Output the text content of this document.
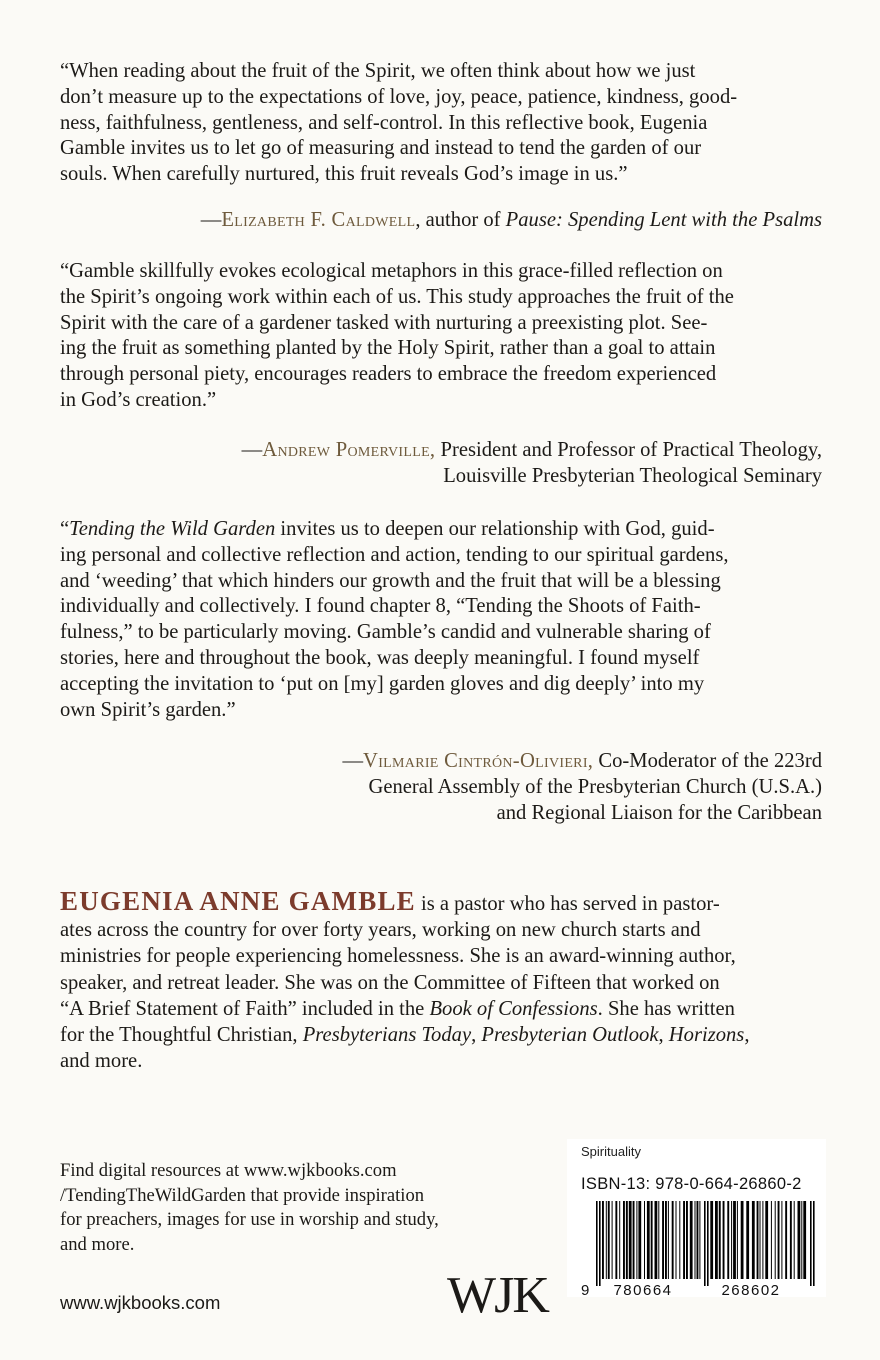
“When reading about the fruit of the Spirit, we often think about how we just

don’t measure up to the expectations of love, joy, peace, patience, kindness, good-

ness, faithfulness, gentleness, and self-control. In this reflective book, Eugenia

Gamble invites us to let go of measuring and instead to tend the garden of our

souls. When carefully nurtured, this fruit reveals God’s image in us.”

—Elizabeth F. Caldwell, author of Pause: Spending Lent with the Psalms

“Gamble skillfully evokes ecological metaphors in this grace-filled reflection on

the Spirit’s ongoing work within each of us. This study approaches the fruit of the

Spirit with the care of a gardener tasked with nurturing a preexisting plot. See-

ing the fruit as something planted by the Holy Spirit, rather than a goal to attain

through personal piety, encourages readers to embrace the freedom experienced

in God’s creation.”

—Andrew Pomerville, President and Professor of Practical Theology,
Louisville Presbyterian Theological Seminary

“Tending the Wild Garden invites us to deepen our relationship with God, guid-

ing personal and collective reflection and action, tending to our spiritual gardens,

and ‘weeding’ that which hinders our growth and the fruit that will be a blessing

individually and collectively. I found chapter 8, “Tending the Shoots of Faith-

fulness,” to be particularly moving. Gamble’s candid and vulnerable sharing of

stories, here and throughout the book, was deeply meaningful. I found myself

accepting the invitation to ‘put on [my] garden gloves and dig deeply’ into my

own Spirit’s garden.”

—Vilmarie Cintrón-Olivieri, Co-Moderator of the 223rd
General Assembly of the Presbyterian Church (U.S.A.)
and Regional Liaison for the Caribbean

EUGENIA ANNE GAMBLE is a pastor who has served in pastor-

ates across the country for over forty years, working on new church starts and

ministries for people experiencing homelessness. She is an award-winning author,

speaker, and retreat leader. She was on the Committee of Fifteen that worked on

“A Brief Statement of Faith” included in the Book of Confessions. She has written

for the Thoughtful Christian, Presbyterians Today, Presbyterian Outlook, Horizons,

and more.

Find digital resources at www.wjkbooks.com
/TendingTheWildGarden that provide inspiration
for preachers, images for use in worship and study,
and more.
www.wjkbooks.com	WJK
Spirituality
ISBN-13: 978-0-664-26860-2
9 780664	268602
